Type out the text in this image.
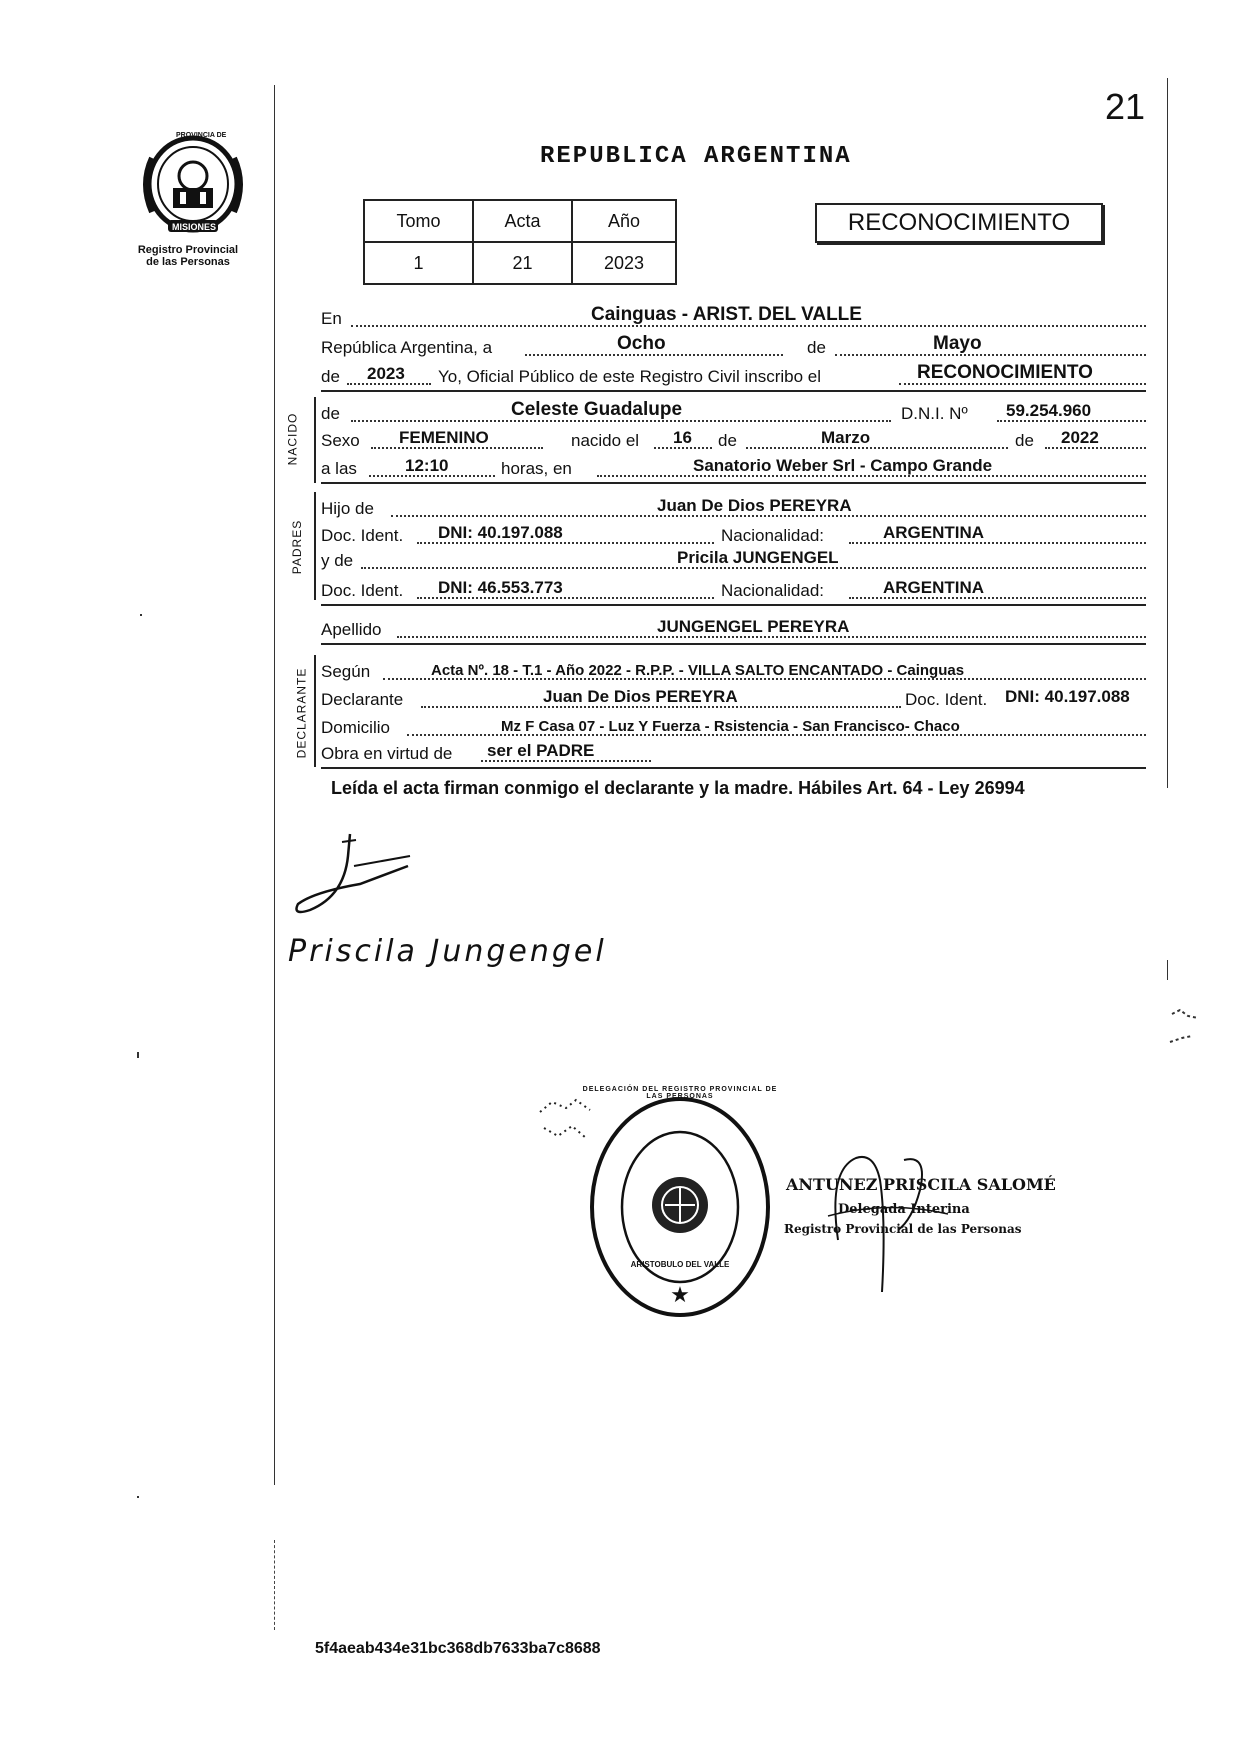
21
PROVINCIA DE
MISIONES
Registro Provincial
de las Personas
REPUBLICA ARGENTINA
Tomo	Acta	Año
1	21	2023
RECONOCIMIENTO
En	Cainguas - ARIST. DEL VALLE
República Argentina, a	Ocho	de	Mayo
de 2023 Yo, Oficial Público de este Registro Civil inscribo el	RECONOCIMIENTO
NACIDO de	Celeste Guadalupe	D.N.I. Nº 59.254.960
Sexo FEMENINO	nacido el 16 de	Marzo	de 2022
a las	12:10	horas, en	Sanatorio Weber Srl - Campo Grande
PADRES
Hijo de	Juan De Dios PEREYRA
Doc. Ident. DNI: 40.197.088	Nacionalidad:	ARGENTINA
y de	Pricila JUNGENGEL
Doc. Ident. DNI: 46.553.773	Nacionalidad:	ARGENTINA
Apellido	JUNGENGEL PEREYRA
DECLARANTE Según	Acta Nº. 18 - T.1 - Año 2022 - R.P.P. - VILLA SALTO ENCANTADO - Cainguas
Declarante	Juan De Dios PEREYRA	Doc. Ident. DNI: 40.197.088
Domicilio	Mz F Casa 07 - Luz Y Fuerza - Rsistencia - San Francisco- Chaco
Obra en virtud de ser el PADRE
Leída el acta firman conmigo el declarante y la madre. Hábiles Art. 64 - Ley 26994
Priscila Jungengel
★
DELEGACIÓN DEL REGISTRO PROVINCIAL DE LAS PERSONAS
ARISTOBULO DEL VALLE
ANTUNEZ PRISCILA SALOMÉ
Delegada Interina
Registro Provincial de las Personas
5f4aeab434e31bc368db7633ba7c8688
